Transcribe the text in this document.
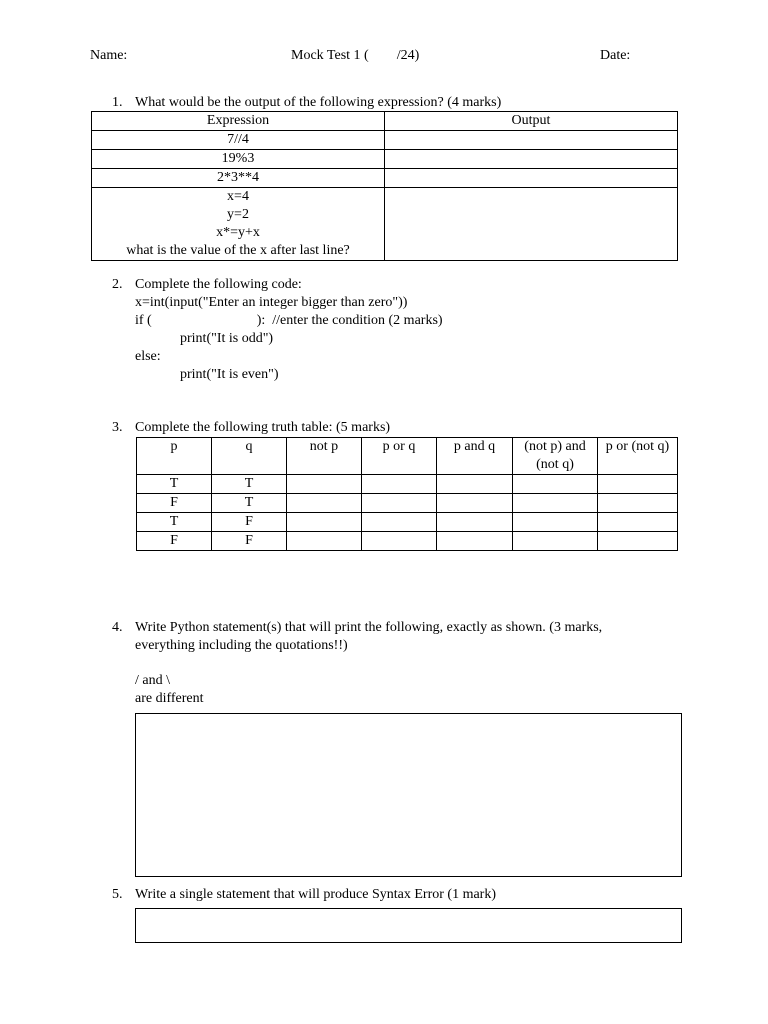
Name:	Mock Test 1 (        /24)	Date:
1. What would be the output of the following expression? (4 marks)
Expression	Output
7//4	
19%3	
2*3**4	

x=4
y=2
x*=y+x
what is the value of the x after last line?	

2. Complete the following code:
x=int(input("Enter an integer bigger than zero"))
if (                              ):  //enter the condition (2 marks)
print("It is odd")
else:
print("It is even")
3. Complete the following truth table: (5 marks)
p	q	not p	p or q	p and q	(not p) and (not q)	p or (not q)
T	T					
F	T					
T	F					
F	F					
4. Write Python statement(s) that will print the following, exactly as shown. (3 marks,
everything including the quotations!!)
/ and \
are different
5. Write a single statement that will produce Syntax Error (1 mark)
